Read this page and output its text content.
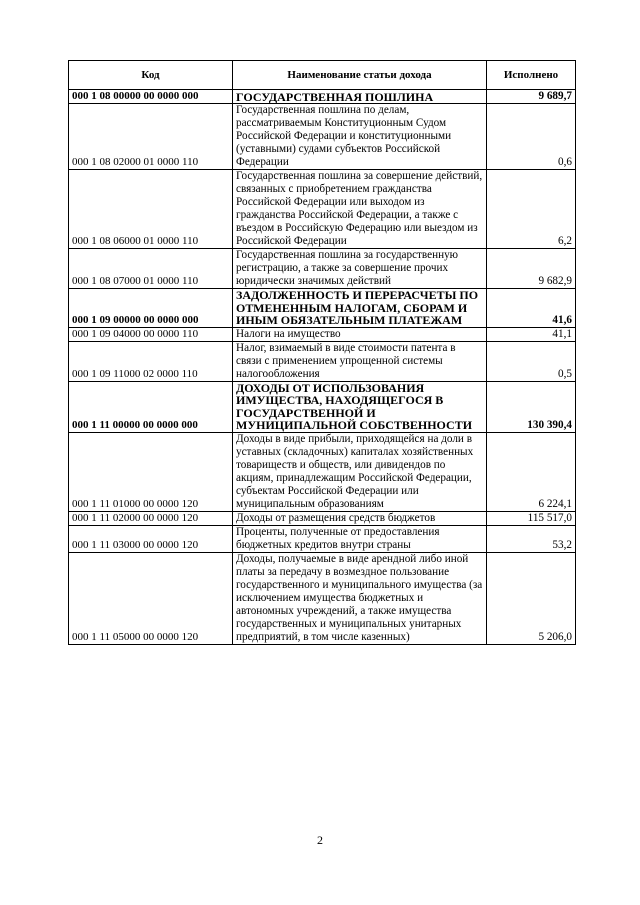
Код	Наименование статьи дохода	Исполнено
000 1 08 00000 00 0000 000	ГОСУДАРСТВЕННАЯ ПОШЛИНА	9 689,7
000 1 08 02000 01 0000 110	Государственная пошлина по делам, рассматриваемым Конституционным Судом Российской Федерации и конституционными (уставными) судами субъектов Российской Федерации	0,6
000 1 08 06000 01 0000 110	Государственная пошлина за совершение действий, связанных с приобретением гражданства Российской Федерации или выходом из гражданства Российской Федерации, а также с въездом в Российскую Федерацию или выездом из Российской Федерации	6,2
000 1 08 07000 01 0000 110	Государственная пошлина за государственную регистрацию, а также за совершение прочих юридически значимых действий	9 682,9
000 1 09 00000 00 0000 000	ЗАДОЛЖЕННОСТЬ И ПЕРЕРАСЧЕТЫ ПО ОТМЕНЕННЫМ НАЛОГАМ, СБОРАМ И ИНЫМ ОБЯЗАТЕЛЬНЫМ ПЛАТЕЖАМ	41,6
000 1 09 04000 00 0000 110	Налоги на имущество	41,1
000 1 09 11000 02 0000 110	Налог, взимаемый в виде стоимости патента в связи с применением упрощенной системы налогообложения	0,5
000 1 11 00000 00 0000 000	ДОХОДЫ ОТ ИСПОЛЬЗОВАНИЯ ИМУЩЕСТВА, НАХОДЯЩЕГОСЯ В ГОСУДАРСТВЕННОЙ И МУНИЦИПАЛЬНОЙ СОБСТВЕННОСТИ	130 390,4
000 1 11 01000 00 0000 120	Доходы в виде прибыли, приходящейся на доли в уставных (складочных) капиталах хозяйственных товариществ и обществ, или дивидендов по акциям, принадлежащим Российской Федерации, субъектам Российской Федерации или муниципальным образованиям	6 224,1
000 1 11 02000 00 0000 120	Доходы от размещения средств бюджетов	115 517,0
000 1 11 03000 00 0000 120	Проценты, полученные от предоставления бюджетных кредитов внутри страны	53,2
000 1 11 05000 00 0000 120	Доходы, получаемые в виде арендной либо иной платы за передачу в возмездное пользование государственного и муниципального имущества (за исключением имущества бюджетных и автономных учреждений, а также имущества государственных и муниципальных унитарных предприятий, в том числе казенных)	5 206,0
2
